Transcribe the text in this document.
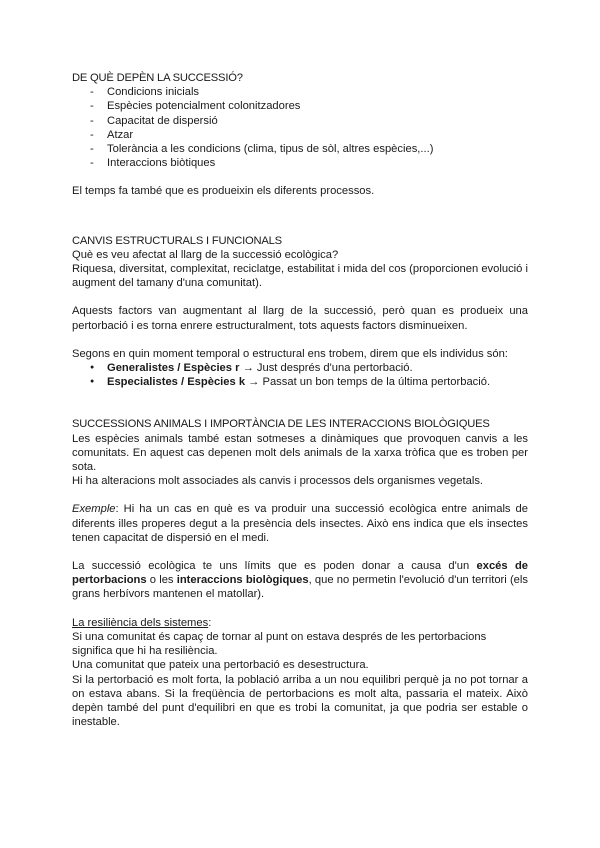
DE QUÈ DEPÈN LA SUCCESSIÓ?

- Condicions inicials
- Espècies potencialment colonitzadores
- Capacitat de dispersió
- Atzar
- Tolerància a les condicions (clima, tipus de sòl, altres espècies,...)
- Interaccions biòtiques

El temps fa també que es produeixin els diferents processos.

CANVIS ESTRUCTURALS I FUNCIONALS

Què es veu afectat al llarg de la successió ecològica?

Riquesa, diversitat, complexitat, reciclatge, estabilitat i mida del cos (proporcionen evolució i augment del tamany d'una comunitat).

Aquests factors van augmentant al llarg de la successió, però quan es produeix una pertorbació i es torna enrere estructuralment, tots aquests factors disminueixen.

Segons en quin moment temporal o estructural ens trobem, direm que els individus són:

● Generalistes / Espècies r → Just després d'una pertorbació.
● Especialistes / Espècies k → Passat un bon temps de la última pertorbació.

SUCCESSIONS ANIMALS I IMPORTÀNCIA DE LES INTERACCIONS BIOLÒGIQUES

Les espècies animals també estan sotmeses a dinàmiques que provoquen canvis a les comunitats. En aquest cas depenen molt dels animals de la xarxa tròfica que es troben per sota.

Hi ha alteracions molt associades als canvis i processos dels organismes vegetals.

Exemple: Hi ha un cas en què es va produir una successió ecològica entre animals de diferents illes properes degut a la presència dels insectes. Això ens indica que els insectes tenen capacitat de dispersió en el medi.

La successió ecològica te uns límits que es poden donar a causa d'un excés de pertorbacions o les interaccions biològiques, que no permetin l'evolució d'un territori (els grans herbívors mantenen el matollar).

La resiliència dels sistemes:

Si una comunitat és capaç de tornar al punt on estava després de les pertorbacions significa que hi ha resiliència.

Una comunitat que pateix una pertorbació es desestructura.

Si la pertorbació es molt forta, la població arriba a un nou equilibri perquè ja no pot tornar a on estava abans. Si la freqüència de pertorbacions es molt alta, passaria el mateix. Això depèn també del punt d'equilibri en que es trobi la comunitat, ja que podria ser estable o inestable.
